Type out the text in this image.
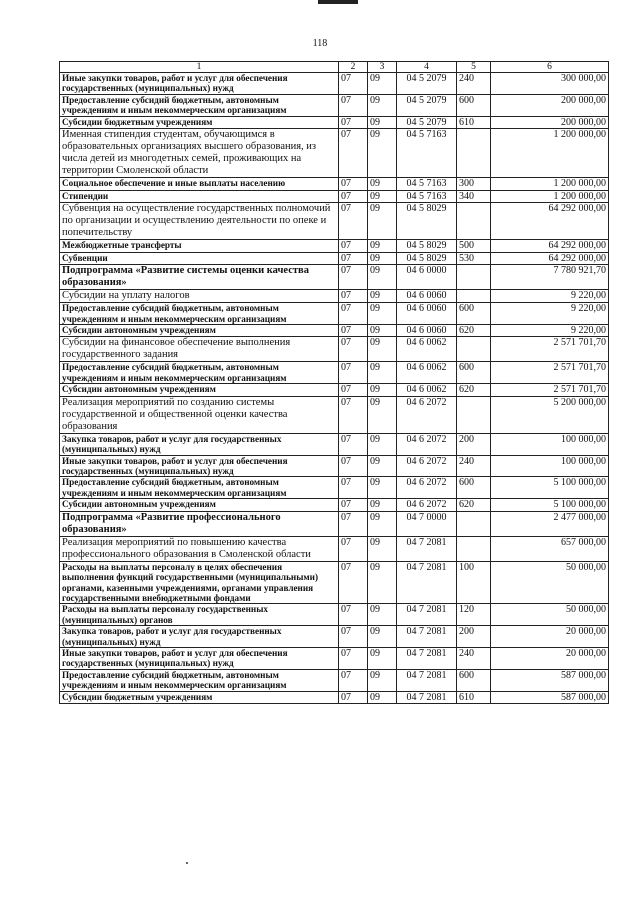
118
1	2	3	4	5	6
Иные закупки товаров, работ и услуг для обеспечения государственных (муниципальных) нужд	07	09	04 5 2079	240	300 000,00
Предоставление субсидий бюджетным, автономным учреждениям и иным некоммерческим организациям	07	09	04 5 2079	600	200 000,00
Субсидии бюджетным учреждениям	07	09	04 5 2079	610	200 000,00
Именная стипендия студентам, обучающимся в образовательных организациях высшего образования, из числа детей из многодетных семей, проживающих на территории Смоленской области	07	09	04 5 7163		1 200 000,00
Социальное обеспечение и иные выплаты населению	07	09	04 5 7163	300	1 200 000,00
Стипендии	07	09	04 5 7163	340	1 200 000,00
Субвенция на осуществление государственных полномочий по организации и осуществлению деятельности по опеке и попечительству	07	09	04 5 8029		64 292 000,00
Межбюджетные трансферты	07	09	04 5 8029	500	64 292 000,00
Субвенции	07	09	04 5 8029	530	64 292 000,00
Подпрограмма «Развитие системы оценки качества образования»	07	09	04 6 0000		7 780 921,70
Субсидии на уплату налогов	07	09	04 6 0060		9 220,00
Предоставление субсидий бюджетным, автономным учреждениям и иным некоммерческим организациям	07	09	04 6 0060	600	9 220,00
Субсидии автономным учреждениям	07	09	04 6 0060	620	9 220,00
Субсидии на финансовое обеспечение выполнения государственного задания	07	09	04 6 0062		2 571 701,70
Предоставление субсидий бюджетным, автономным учреждениям и иным некоммерческим организациям	07	09	04 6 0062	600	2 571 701,70
Субсидии автономным учреждениям	07	09	04 6 0062	620	2 571 701,70
Реализация мероприятий по созданию системы государственной и общественной оценки качества образования	07	09	04 6 2072		5 200 000,00
Закупка товаров, работ и услуг для государственных (муниципальных) нужд	07	09	04 6 2072	200	100 000,00
Иные закупки товаров, работ и услуг для обеспечения государственных (муниципальных) нужд	07	09	04 6 2072	240	100 000,00
Предоставление субсидий бюджетным, автономным учреждениям и иным некоммерческим организациям	07	09	04 6 2072	600	5 100 000,00
Субсидии автономным учреждениям	07	09	04 6 2072	620	5 100 000,00
Подпрограмма «Развитие профессионального образования»	07	09	04 7 0000		2 477 000,00
Реализация мероприятий по повышению качества профессионального образования в Смоленской области	07	09	04 7 2081		657 000,00
Расходы на выплаты персоналу в целях обеспечения выполнения функций государственными (муниципальными) органами, казенными учреждениями, органами управления государственными внебюджетными фондами	07	09	04 7 2081	100	50 000,00
Расходы на выплаты персоналу государственных (муниципальных) органов	07	09	04 7 2081	120	50 000,00
Закупка товаров, работ и услуг для государственных (муниципальных) нужд	07	09	04 7 2081	200	20 000,00
Иные закупки товаров, работ и услуг для обеспечения государственных (муниципальных) нужд	07	09	04 7 2081	240	20 000,00
Предоставление субсидий бюджетным, автономным учреждениям и иным некоммерческим организациям	07	09	04 7 2081	600	587 000,00
Субсидии бюджетным учреждениям	07	09	04 7 2081	610	587 000,00
